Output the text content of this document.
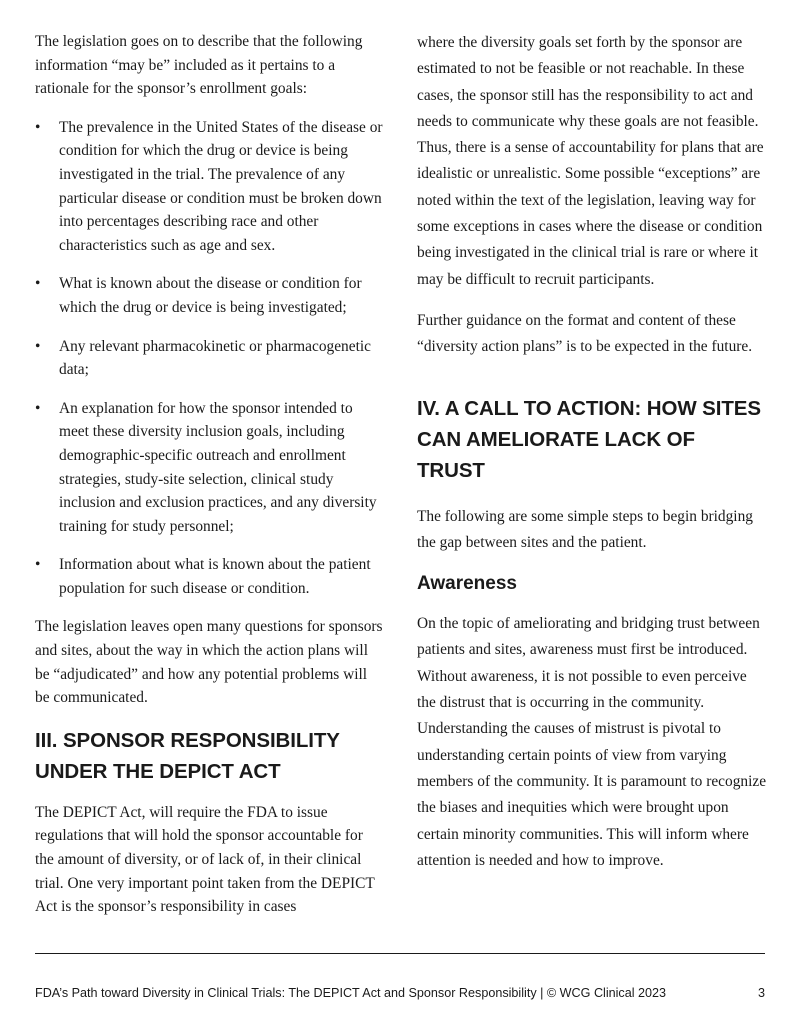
The legislation goes on to describe that the following information “may be” included as it pertains to a rationale for the sponsor’s enrollment goals:

•	The prevalence in the United States of the disease or condition for which the drug or device is being investigated in the trial. The prevalence of any particular disease or condition must be broken down into percentages describing race and other characteristics such as age and sex.
•	What is known about the disease or condition for which the drug or device is being investigated;
•	Any relevant pharmacokinetic or pharmacogenetic data;
•	An explanation for how the sponsor intended to meet these diversity inclusion goals, including demographic-specific outreach and enrollment strategies, study-site selection, clinical study inclusion and exclusion practices, and any diversity training for study personnel;
•	Information about what is known about the patient population for such disease or condition.

The legislation leaves open many questions for sponsors and sites, about the way in which the action plans will be “adjudicated” and how any potential problems will be communicated.

III. SPONSOR RESPONSIBILITY UNDER THE DEPICT ACT

The DEPICT Act, will require the FDA to issue regulations that will hold the sponsor accountable for the amount of diversity, or of lack of, in their clinical trial. One very important point taken from the DEPICT Act is the sponsor’s responsibility in cases

where the diversity goals set forth by the sponsor are estimated to not be feasible or not reachable. In these cases, the sponsor still has the responsibility to act and needs to communicate why these goals are not feasible. Thus, there is a sense of accountability for plans that are idealistic or unrealistic. Some possible “exceptions” are noted within the text of the legislation, leaving way for some exceptions in cases where the disease or condition being investigated in the clinical trial is rare or where it may be difficult to recruit participants.

Further guidance on the format and content of these “diversity action plans” is to be expected in the future.

IV. A CALL TO ACTION: HOW SITES CAN AMELIORATE LACK OF TRUST

The following are some simple steps to begin bridging the gap between sites and the patient.

Awareness

On the topic of ameliorating and bridging trust between patients and sites, awareness must first be introduced. Without awareness, it is not possible to even perceive the distrust that is occurring in the community. Understanding the causes of mistrust is pivotal to understanding certain points of view from varying members of the community. It is paramount to recognize the biases and inequities which were brought upon certain minority communities. This will inform where attention is needed and how to improve.

FDA’s Path toward Diversity in Clinical Trials: The DEPICT Act and Sponsor Responsibility | © WCG Clinical 2023	3
